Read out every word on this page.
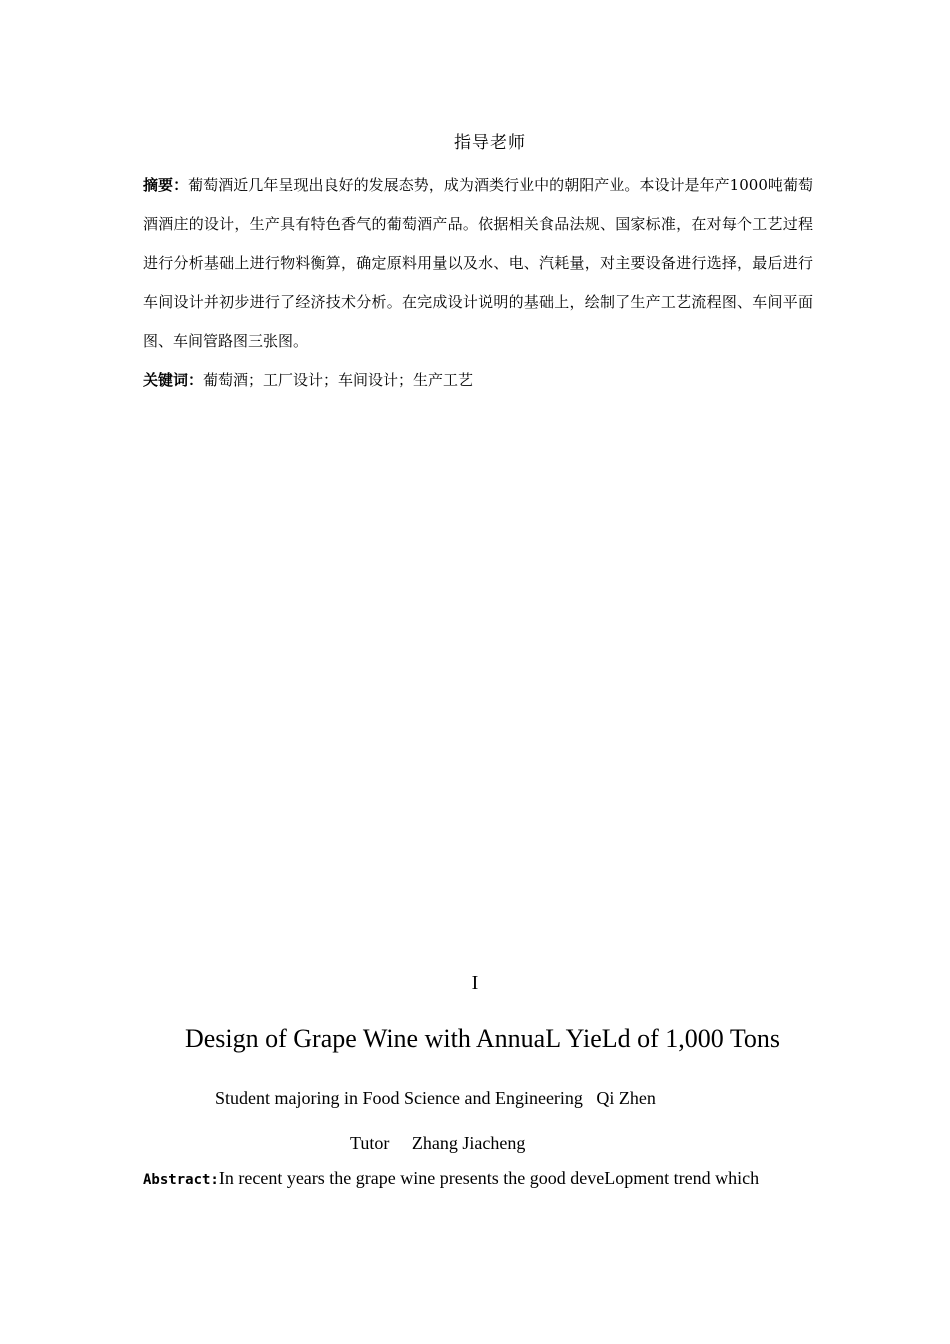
指导老师
摘要：葡萄酒近几年呈现出良好的发展态势，成为酒类行业中的朝阳产业。本设计是年产1000吨葡萄酒酒庄的设计，生产具有特色香气的葡萄酒产品。依据相关食品法规、国家标准，在对每个工艺过程进行分析基础上进行物料衡算，确定原料用量以及水、电、汽耗量，对主要设备进行选择，最后进行车间设计并初步进行了经济技术分析。在完成设计说明的基础上，绘制了生产工艺流程图、车间平面图、车间管路图三张图。
关键词：葡萄酒；工厂设计；车间设计；生产工艺
I
Design of Grape Wine with AnnuaL YieLd of 1,000 Tons
Student majoring in Food Science and Engineering   Qi Zhen
Tutor     Zhang Jiacheng
Abstract:In recent years the grape wine presents the good deveLopment trend which
